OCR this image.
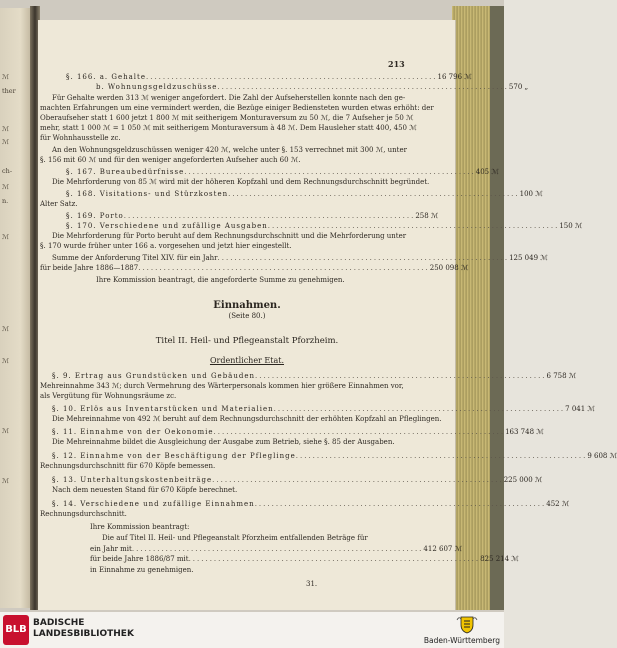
ℳ
ther
ℳ
ℳ
ch-
ℳ
n.
ℳ
ℳ
ℳ
ℳ
ℳ
213
§. 166. a. Gehalte ..................................................................... 16 796 ℳ
b. Wohnungsgeldzuschüsse ..................................................................... 570 „
Für Gehalte werden 313 ℳ weniger angefordert. Die Zahl der Aufseherstellen konnte nach den ge-
machten Erfahrungen um eine vermindert werden, die Bezüge einiger Bediensteten wurden etwas erhöht: der
Oberaufseher statt 1 600 jetzt 1 800 ℳ mit seitherigem Monturaversum zu 50 ℳ, die 7 Aufseher je 50 ℳ
mehr, statt 1 000 ℳ = 1 050 ℳ mit seitherigem Monturaversum à 48 ℳ. Dem Hausleher statt 400, 450 ℳ
für Wohnhausstelle zc.
An den Wohnungsgeldzuschüssen weniger 420 ℳ, welche unter §. 153 verrechnet mit 300 ℳ, unter
§. 156 mit 60 ℳ und für den weniger angeforderten Aufseher auch 60 ℳ.
§. 167. Bureaubedürfnisse ..................................................................... 405 ℳ
Die Mehrforderung von 85 ℳ wird mit der höheren Kopfzahl und dem Rechnungsdurchschnitt begründet.
§. 168. Visitations- und Stürzkosten ..................................................................... 100 ℳ
Alter Satz.
§. 169. Porto ..................................................................... 258 ℳ
§. 170. Verschiedene und zufällige Ausgaben ..................................................................... 150 ℳ
Die Mehrforderung für Porto beruht auf dem Rechnungsdurchschnitt und die Mehrforderung unter
§. 170 wurde früher unter 166 a. vorgesehen und jetzt hier eingestellt.
Summe der Anforderung Titel XIV. für ein Jahr ..................................................................... 125 049 ℳ
für beide Jahre 1886—1887 ..................................................................... 250 098 ℳ
Ihre Kommission beantragt, die angeforderte Summe zu genehmigen.
Einnahmen.
(Seite 80.)
Titel II. Heil- und Pflegeanstalt Pforzheim.
Ordentlicher Etat.
§. 9. Ertrag aus Grundstücken und Gebäuden ..................................................................... 6 758 ℳ
Mehreinnahme 343 ℳ; durch Vermehrung des Wärterpersonals kommen hier größere Einnahmen vor,
als Vergütung für Wohnungsräume zc.
§. 10. Erlös aus Inventarstücken und Materialien ..................................................................... 7 041 ℳ
Die Mehreinnahme von 492 ℳ beruht auf dem Rechnungsdurchschnitt der erhöhten Kopfzahl an Pfleglingen.
§. 11. Einnahme von der Oekonomie ..................................................................... 163 748 ℳ
Die Mehreinnahme bildet die Ausgleichung der Ausgabe zum Betrieb, siehe §. 85 der Ausgaben.
§. 12. Einnahme von der Beschäftigung der Pfleglinge ..................................................................... 9 608 ℳ
Rechnungsdurchschnitt für 670 Köpfe bemessen.
§. 13. Unterhaltungskostenbeiträge ..................................................................... 225 000 ℳ
Nach dem neuesten Stand für 670 Köpfe berechnet.
§. 14. Verschiedene und zufällige Einnahmen ..................................................................... 452 ℳ
Rechnungsdurchschnitt.
Ihre Kommission beantragt:
Die auf Titel II. Heil- und Pflegeanstalt Pforzheim entfallenden Beträge für
ein Jahr mit ..................................................................... 412 607 ℳ
für beide Jahre 1886/87 mit ..................................................................... 825 214 ℳ
in Einnahme zu genehmigen.
31.
BLB
BADISCHE
LANDESBIBLIOTHEK
Baden-Württemberg
